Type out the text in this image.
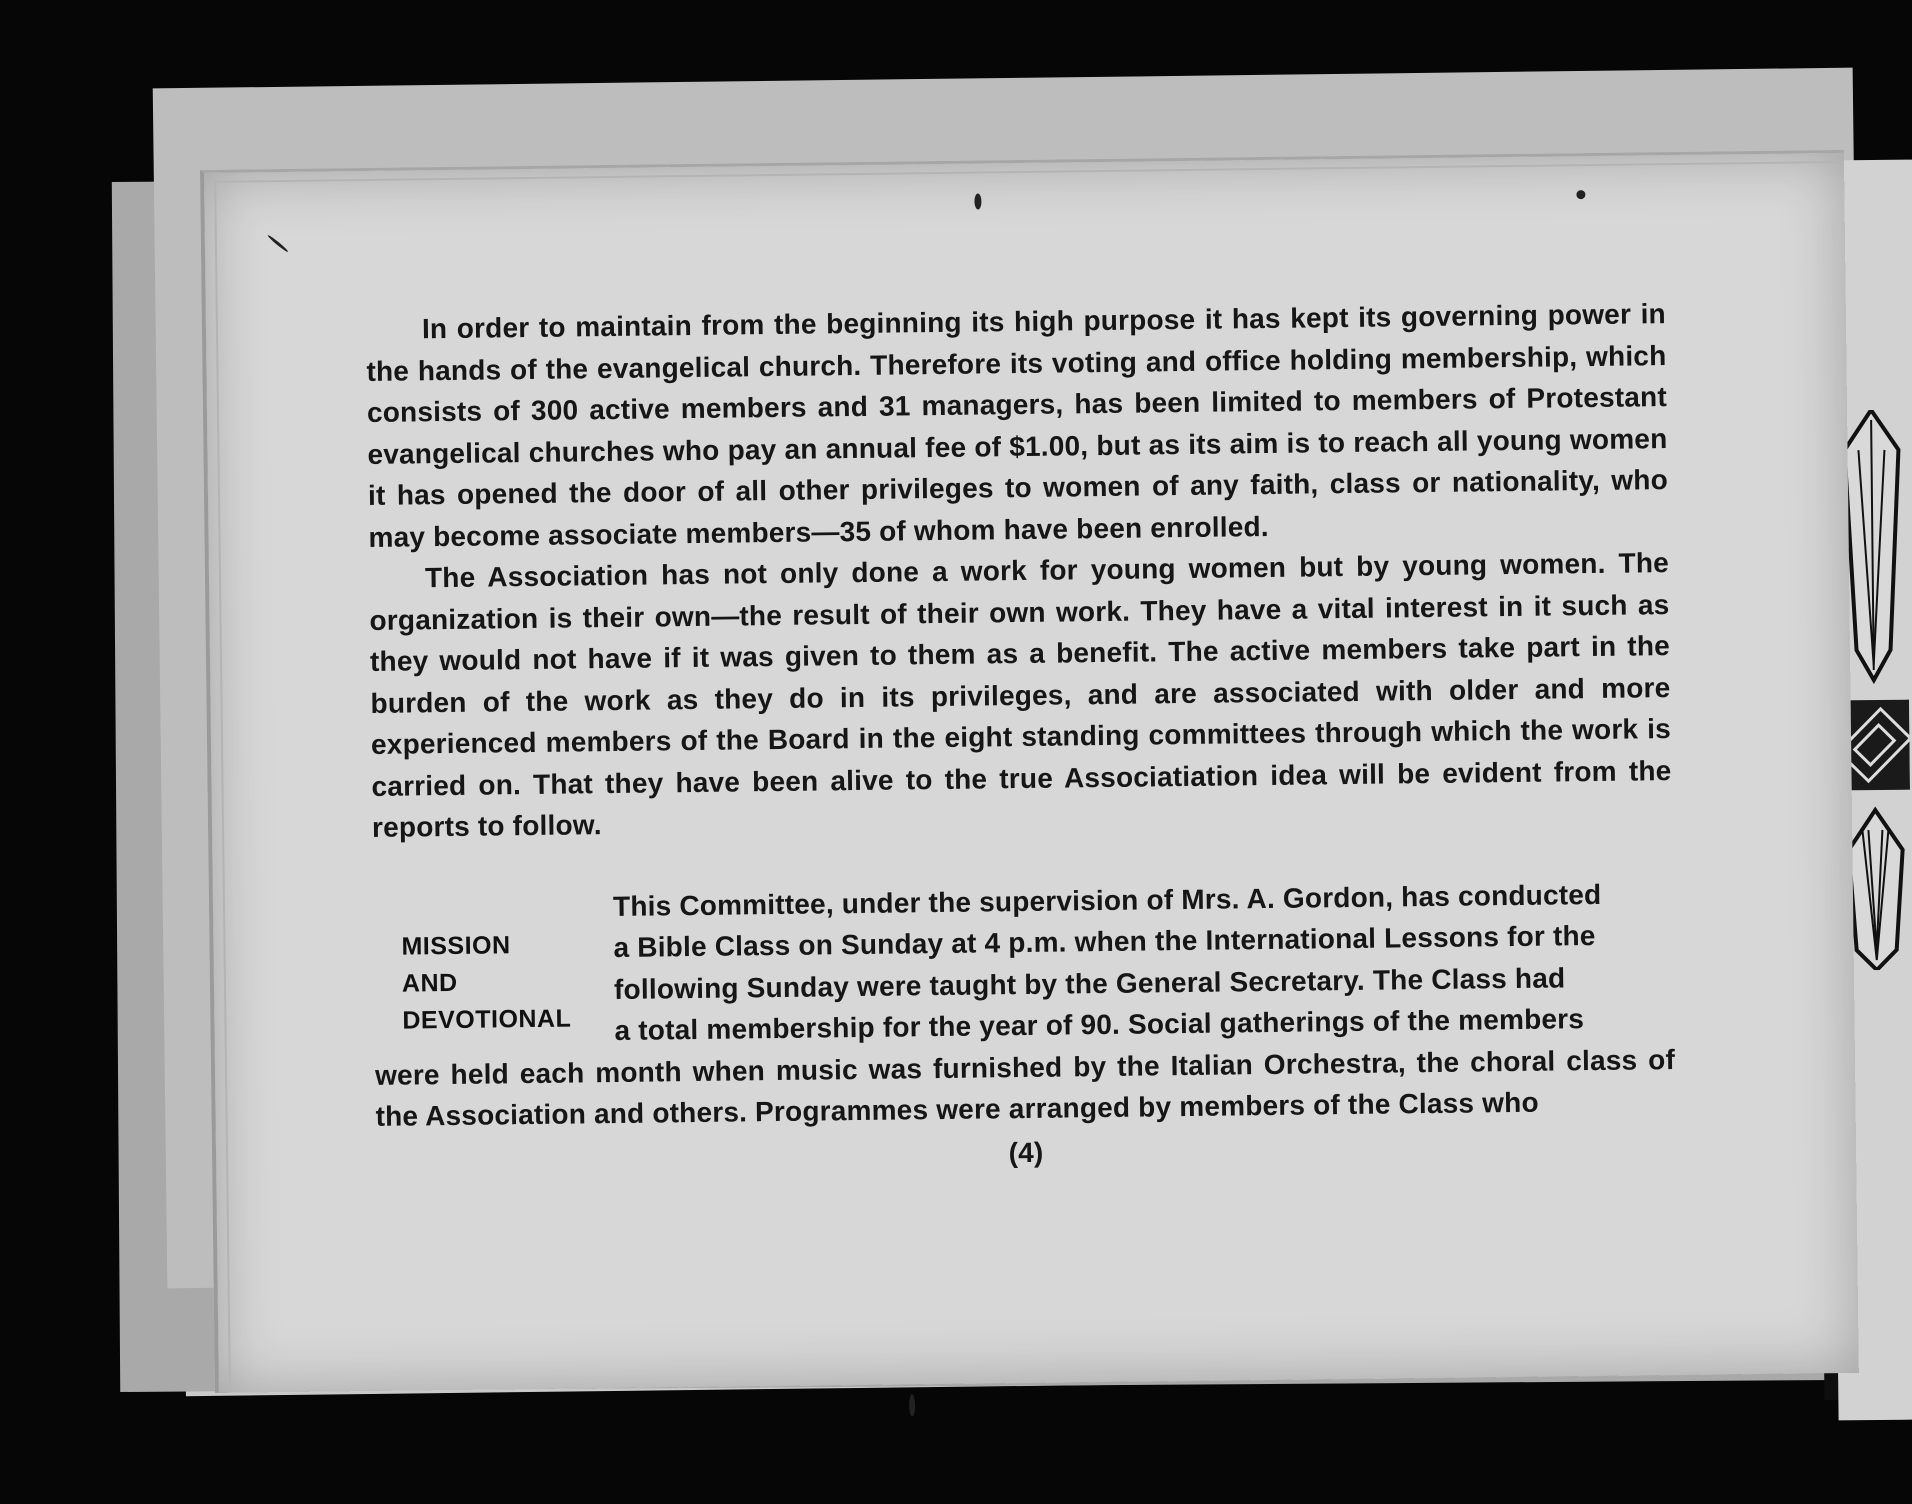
In order to maintain from the beginning its high purpose it has kept its governing power in the hands of the evangelical church. Therefore its voting and office holding membership, which consists of 300 active members and 31 managers, has been limited to members of Protestant evangelical churches who pay an annual fee of $1.00, but as its aim is to reach all young women it has opened the door of all other privileges to women of any faith, class or nationality, who may become associate members—35 of whom have been enrolled.

The Association has not only done a work for young women but by young women. The organization is their own—the result of their own work. They have a vital interest in it such as they would not have if it was given to them as a benefit. The active members take part in the burden of the work as they do in its privileges, and are associated with older and more experienced members of the Board in the eight standing committees through which the work is carried on. That they have been alive to the true Associatiation idea will be evident from the reports to follow.

MISSION
AND
DEVOTIONAL

This Committee, under the supervision of Mrs. A. Gordon, has conducted
a Bible Class on Sunday at 4 p.m. when the International Lessons for the
following Sunday were taught by the General Secretary. The Class had
a total membership for the year of 90. Social gatherings of the members
were held each month when music was furnished by the Italian Orchestra, the choral class of the Association and others. Programmes were arranged by members of the Class who

(4)
